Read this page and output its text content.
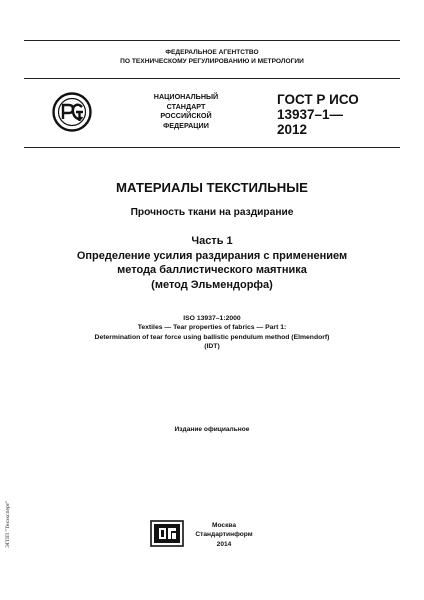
ФЕДЕРАЛЬНОЕ АГЕНТСТВО
ПО ТЕХНИЧЕСКОМУ РЕГУЛИРОВАНИЮ И МЕТРОЛОГИИ
НАЦИОНАЛЬНЫЙ
СТАНДАРТ
РОССИЙСКОЙ
ФЕДЕРАЦИИ
ГОСТ Р ИСО
13937–1—
2012
МАТЕРИАЛЫ ТЕКСТИЛЬНЫЕ
Прочность ткани на раздирание
Часть 1
Определение усилия раздирания с применением
метода баллистического маятника
(метод Эльмендорфа)
ISO 13937–1:2000
Textiles — Tear properties of fabrics — Part 1:
Determination of tear force using ballistic pendulum method (Elmendorf)
(IDT)
Издание официальное
Москва
Стандартинформ
2014
ЭГПП "Техэксперт"
